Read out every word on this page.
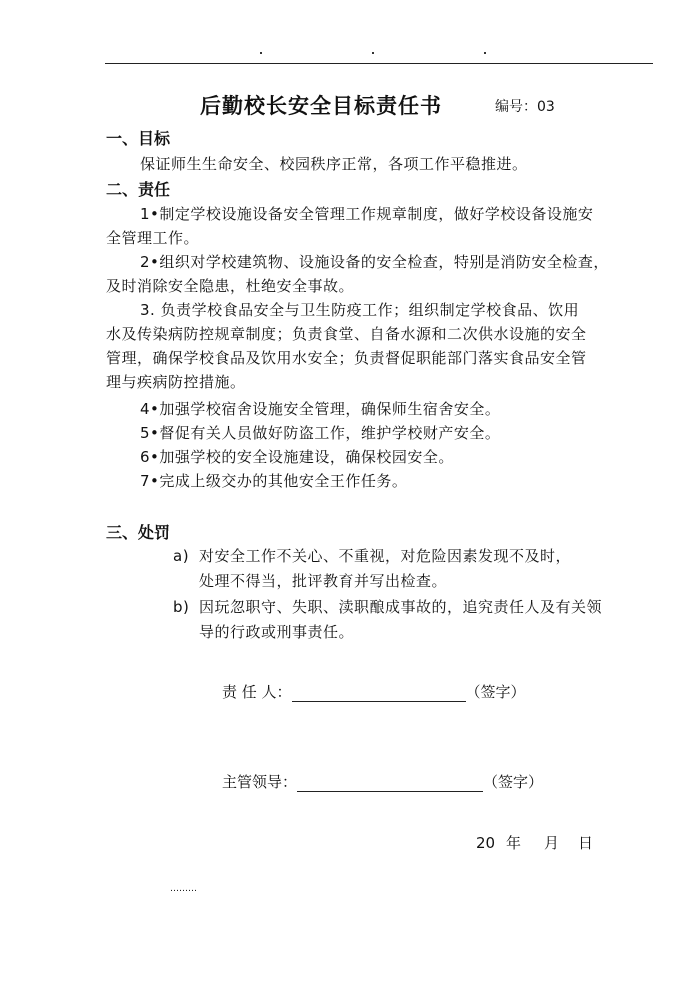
后勤校长安全目标责任书	编号：03
一、目标
保证师生生命安全、校园秩序正常，各项工作平稳推进。
二、责任
1•制定学校设施设备安全管理工作规章制度，做好学校设备设施安
全管理工作。
2•组织对学校建筑物、设施设备的安全检查，特别是消防安全检查，
及时消除安全隐患，杜绝安全事故。
3. 负责学校食品安全与卫生防疫工作；组织制定学校食品、饮用
水及传染病防控规章制度；负责食堂、自备水源和二次供水设施的安全
管理，确保学校食品及饮用水安全；负责督促职能部门落实食品安全管
理与疾病防控措施。
4•加强学校宿舍设施安全管理，确保师生宿舍安全。
5•督促有关人员做好防盗工作，维护学校财产安全。
6•加强学校的安全设施建设，确保校园安全。
7•完成上级交办的其他安全王作任务。
三、处罚
a) 对安全工作不关心、不重视，对危险因素发现不及时，
处理不得当，批评教育并写出检查。
b) 因玩忽职守、失职、渎职酿成事故的，追究责任人及有关领
导的行政或刑事责任。
责 任 人：	（签字）
主管领导：	（签字）
20 年 月 日
………
